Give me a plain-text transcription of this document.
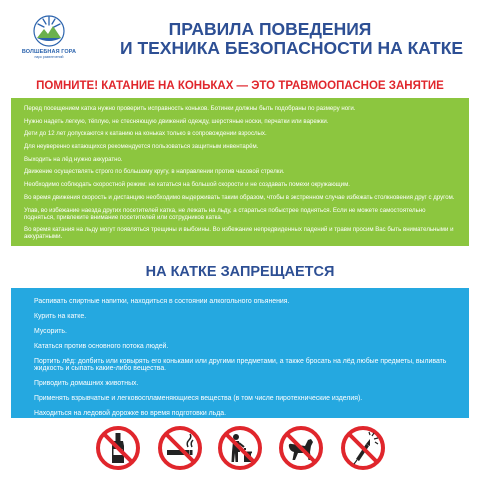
ВОЛШЕБНАЯ ГОРА
парк развлечений
ПРАВИЛА ПОВЕДЕНИЯ
И ТЕХНИКА БЕЗОПАСНОСТИ НА КАТКЕ
ПОМНИТЕ! КАТАНИЕ НА КОНЬКАХ — ЭТО ТРАВМООПАСНОЕ ЗАНЯТИЕ

Перед посещением катка нужно проверить исправность коньков. Ботинки должны быть подобраны по размеру ноги.

Нужно надеть легкую, тёплую, не стесняющую движений одежду, шерстяные носки, перчатки или варежки.

Дети до 12 лет допускаются к катанию на коньках только в сопровождении взрослых.

Для неуверенно катающихся рекомендуется пользоваться защитным инвентарём.

Выходить на лёд нужно аккуратно.

Движение осуществлять строго по большому кругу, в направлении против часовой стрелки.

Необходимо соблюдать скоростной режим: не кататься на большой скорости и не создавать помехи окружающим.

Во время движения скорость и дистанцию необходимо выдерживать таким образом, чтобы в экстренном случае избежать столкновения друг с другом.

Упав, во избежание наезда других посетителей катка, не лежать на льду, а стараться побыстрее подняться. Если не можете самостоятельно подняться, привлеките внимание посетителей или сотрудников катка.

Во время катания на льду могут появляться трещины и выбоины. Во избежание непредвиденных падений и травм просим Вас быть внимательными и аккуратными.

НА КАТКЕ ЗАПРЕЩАЕТСЯ

Распивать спиртные напитки, находиться в состоянии алкогольного опьянения.

Курить на катке.

Мусорить.

Кататься против основного потока людей.

Портить лёд: долбить или ковырять его коньками или другими предметами, а также бросать на лёд любые предметы, выливать жидкость и сыпать какие-либо вещества.

Приводить домашних животных.

Применять взрывчатые и легковоспламеняющиеся вещества (в том числе пиротехнические изделия).

Находиться на ледовой дорожке во время подготовки льда.
